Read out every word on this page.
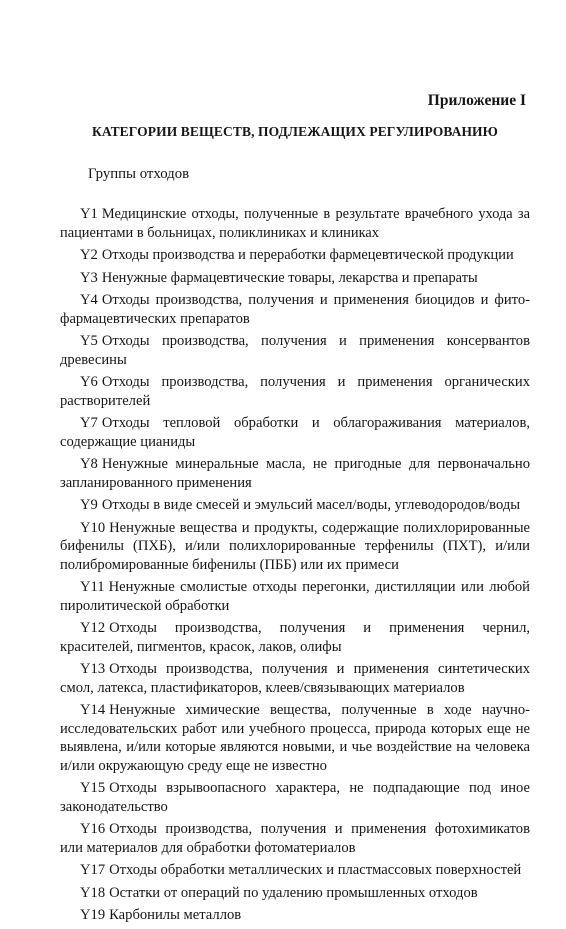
Приложение I
КАТЕГОРИИ ВЕЩЕСТВ, ПОДЛЕЖАЩИХ РЕГУЛИРОВАНИЮ
Группы отходов

Y1 Медицинские отходы, полученные в результате врачебного ухода за пациентами в больницах, поликлиниках и клиниках

Y2 Отходы производства и переработки фармецевтической продукции

Y3 Ненужные фармацевтические товары, лекарства и препараты

Y4 Отходы производства, получения и применения биоцидов и фито-фармацевтических препаратов

Y5 Отходы производства, получения и применения консервантов древесины

Y6 Отходы производства, получения и применения органических растворителей

Y7 Отходы тепловой обработки и облагораживания материалов, содержащие цианиды

Y8 Ненужные минеральные масла, не пригодные для первоначально запланированного применения

Y9 Отходы в виде смесей и эмульсий масел/воды, углеводородов/воды

Y10 Ненужные вещества и продукты, содержащие полихлорированные бифенилы (ПХБ), и/или полихлорированные терфенилы (ПХТ), и/или полибромированные бифенилы (ПББ) или их примеси

Y11 Ненужные смолистые отходы перегонки, дистилляции или любой пиролитической обработки

Y12 Отходы производства, получения и применения чернил, красителей, пигментов, красок, лаков, олифы

Y13 Отходы производства, получения и применения синтетических смол, латекса, пластификаторов, клеев/связывающих материалов

Y14 Ненужные химические вещества, полученные в ходе научно-исследовательских работ или учебного процесса, природа которых еще не выявлена, и/или которые являются новыми, и чье воздействие на человека и/или окружающую среду еще не известно

Y15 Отходы взрывоопасного характера, не подпадающие под иное законодательство

Y16 Отходы производства, получения и применения фотохимикатов или материалов для обработки фотоматериалов

Y17 Отходы обработки металлических и пластмассовых поверхностей

Y18 Остатки от операций по удалению промышленных отходов

Y19 Карбонилы металлов
